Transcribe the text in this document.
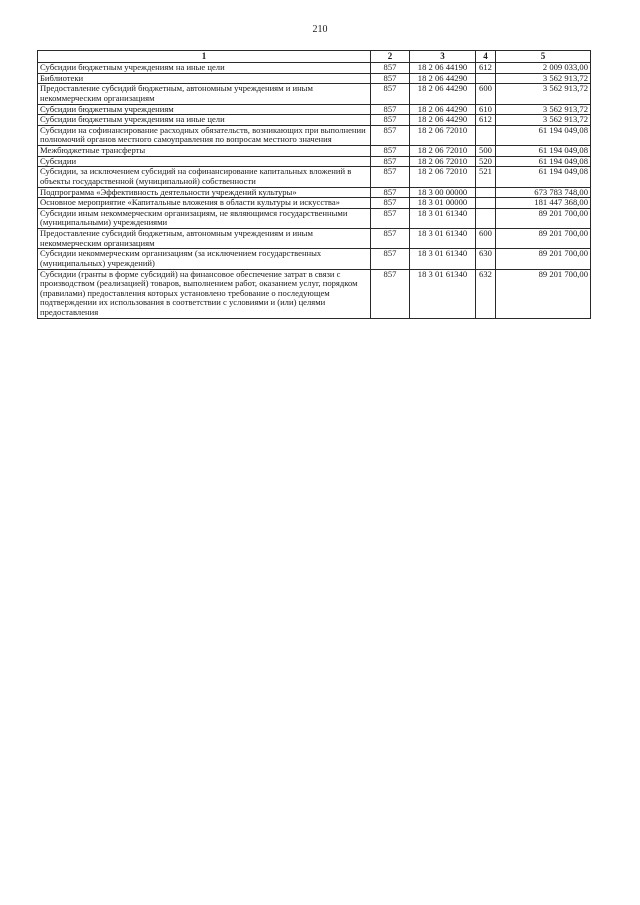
210
1	2	3	4	5
Субсидии бюджетным учреждениям на иные цели	857	18 2 06 44190	612	2 009 033,00
Библиотеки	857	18 2 06 44290		3 562 913,72
Предоставление субсидий бюджетным, автономным учреждениям и иным некоммерческим организациям	857	18 2 06 44290	600	3 562 913,72
Субсидии бюджетным учреждениям	857	18 2 06 44290	610	3 562 913,72
Субсидии бюджетным учреждениям на иные цели	857	18 2 06 44290	612	3 562 913,72
Субсидии на софинансирование расходных обязательств, возникающих при выполнении полномочий органов местного самоуправления по вопросам местного значения	857	18 2 06 72010		61 194 049,08
Межбюджетные трансферты	857	18 2 06 72010	500	61 194 049,08
Субсидии	857	18 2 06 72010	520	61 194 049,08
Субсидии, за исключением субсидий на софинансирование капитальных вложений в объекты государственной (муниципальной) собственности	857	18 2 06 72010	521	61 194 049,08
Подпрограмма «Эффективность деятельности учреждений культуры»	857	18 3 00 00000		673 783 748,00
Основное мероприятие «Капитальные вложения в области культуры и искусства»	857	18 3 01 00000		181 447 368,00
Субсидии иным некоммерческим организациям, не являющимся государственными (муниципальными) учреждениями	857	18 3 01 61340		89 201 700,00
Предоставление субсидий бюджетным, автономным учреждениям и иным некоммерческим организациям	857	18 3 01 61340	600	89 201 700,00
Субсидии некоммерческим организациям (за исключением государственных (муниципальных) учреждений)	857	18 3 01 61340	630	89 201 700,00
Субсидии (гранты в форме субсидий) на финансовое обеспечение затрат в связи с производством (реализацией) товаров, выполнением работ, оказанием услуг, порядком (правилами) предоставления которых установлено требование о последующем подтверждении их использования в соответствии с условиями и (или) целями предоставления	857	18 3 01 61340	632	89 201 700,00
